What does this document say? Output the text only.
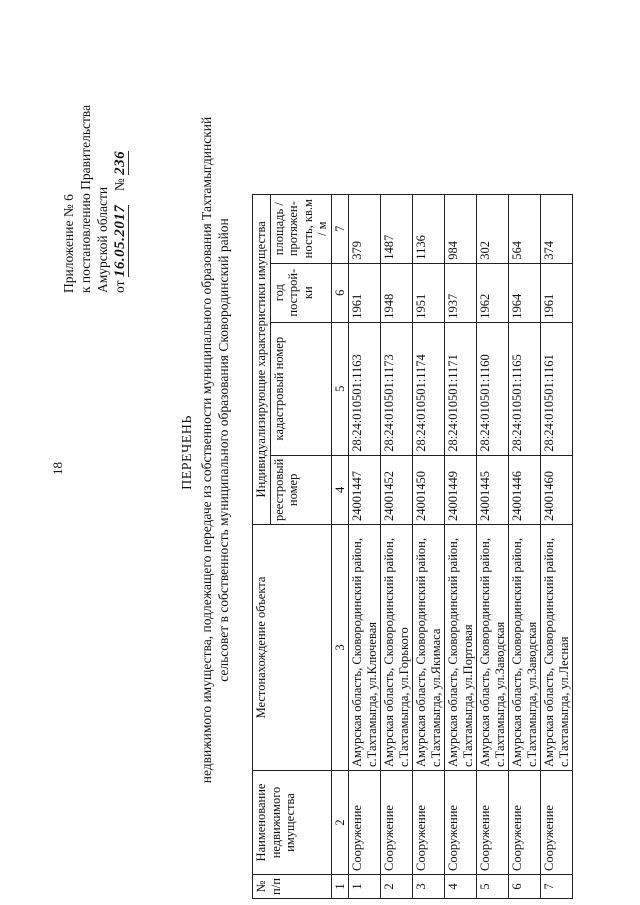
18
Приложение № 6 к постановлению Правительства Амурской области от 16.05.2017    № 236
ПЕРЕЧЕНЬ недвижимого имущества, подлежащего передаче из собственности муниципального образования Тахтамыгдинский сельсовет в собственность муниципального образования Сковородинский район
№ п/п	Наименование недвижимого имущества	Местонахождение объекта	Индивидуализирующие характеристики имущества			
			реестровый номер	кадастровый номер	год построй-ки	площадь / протяжен-ность, кв.м / м
1	2	3	4	5	6	7
1	Сооружение	Амурская область, Сковородинский район, с.Тахтамыгда, ул.Ключевая	24001447	28:24:010501:1163	1961	379
2	Сооружение	Амурская область, Сковородинский район, с.Тахтамыгда, ул.Горького	24001452	28:24:010501:1173	1948	1487
3	Сооружение	Амурская область, Сковородинский район, с.Тахтамыгда, ул.Якимаса	24001450	28:24:010501:1174	1951	1136
4	Сооружение	Амурская область, Сковородинский район, с.Тахтамыгда, ул.Портовая	24001449	28:24:010501:1171	1937	984
5	Сооружение	Амурская область, Сковородинский район, с.Тахтамыгда, ул.Заводская	24001445	28:24:010501:1160	1962	302
6	Сооружение	Амурская область, Сковородинский район, с.Тахтамыгда, ул.Заводская	24001446	28:24:010501:1165	1964	564
7	Сооружение	Амурская область, Сковородинский район, с.Тахтамыгда, ул.Лесная	24001460	28:24:010501:1161	1961	374
